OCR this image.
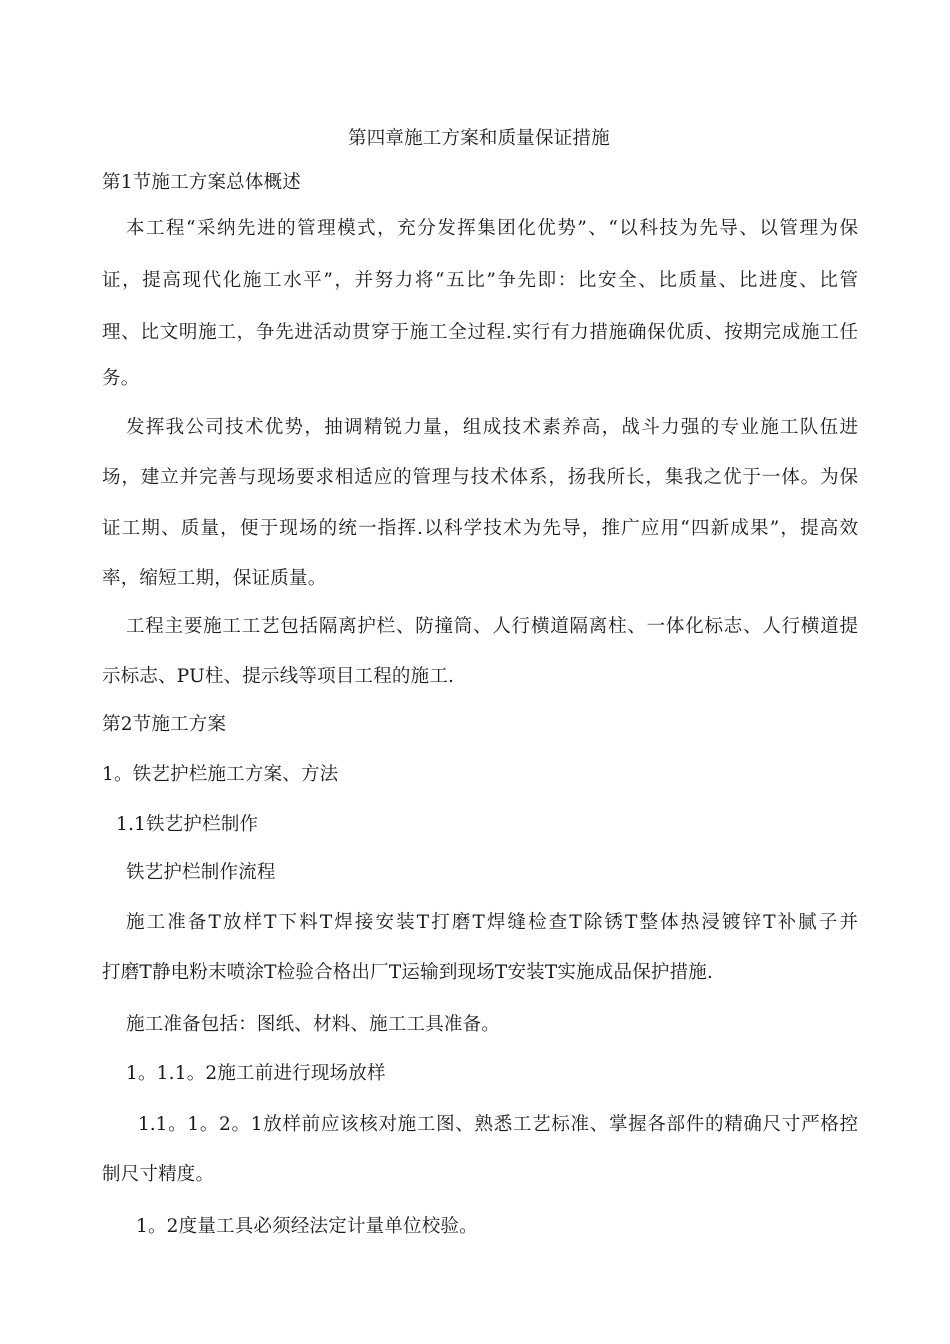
第四章施工方案和质量保证措施
第1节施工方案总体概述
本工程“采纳先进的管理模式，充分发挥集团化优势”、“以科技为先导、以管理为保
证，提高现代化施工水平”，并努力将“五比”争先即：比安全、比质量、比进度、比管
理、比文明施工，争先进活动贯穿于施工全过程.实行有力措施确保优质、按期完成施工任
务。
发挥我公司技术优势，抽调精锐力量，组成技术素养高，战斗力强的专业施工队伍进
场，建立并完善与现场要求相适应的管理与技术体系，扬我所长，集我之优于一体。为保
证工期、质量，便于现场的统一指挥.以科学技术为先导，推广应用“四新成果”，提高效
率，缩短工期，保证质量。
工程主要施工工艺包括隔离护栏、防撞筒、人行横道隔离柱、一体化标志、人行横道提
示标志、PU柱、提示线等项目工程的施工.
第2节施工方案
1。铁艺护栏施工方案、方法
1.1铁艺护栏制作
铁艺护栏制作流程
施工准备T放样T下料T焊接安装T打磨T焊缝检查T除锈T整体热浸镀锌T补腻子并
打磨T静电粉末喷涂T检验合格出厂T运输到现场T安装T实施成品保护措施.
施工准备包括：图纸、材料、施工工具准备。
1。1.1。2施工前进行现场放样
1.1。1。2。1放样前应该核对施工图、熟悉工艺标准、掌握各部件的精确尺寸严格控
制尺寸精度。
1。2度量工具必须经法定计量单位校验。
